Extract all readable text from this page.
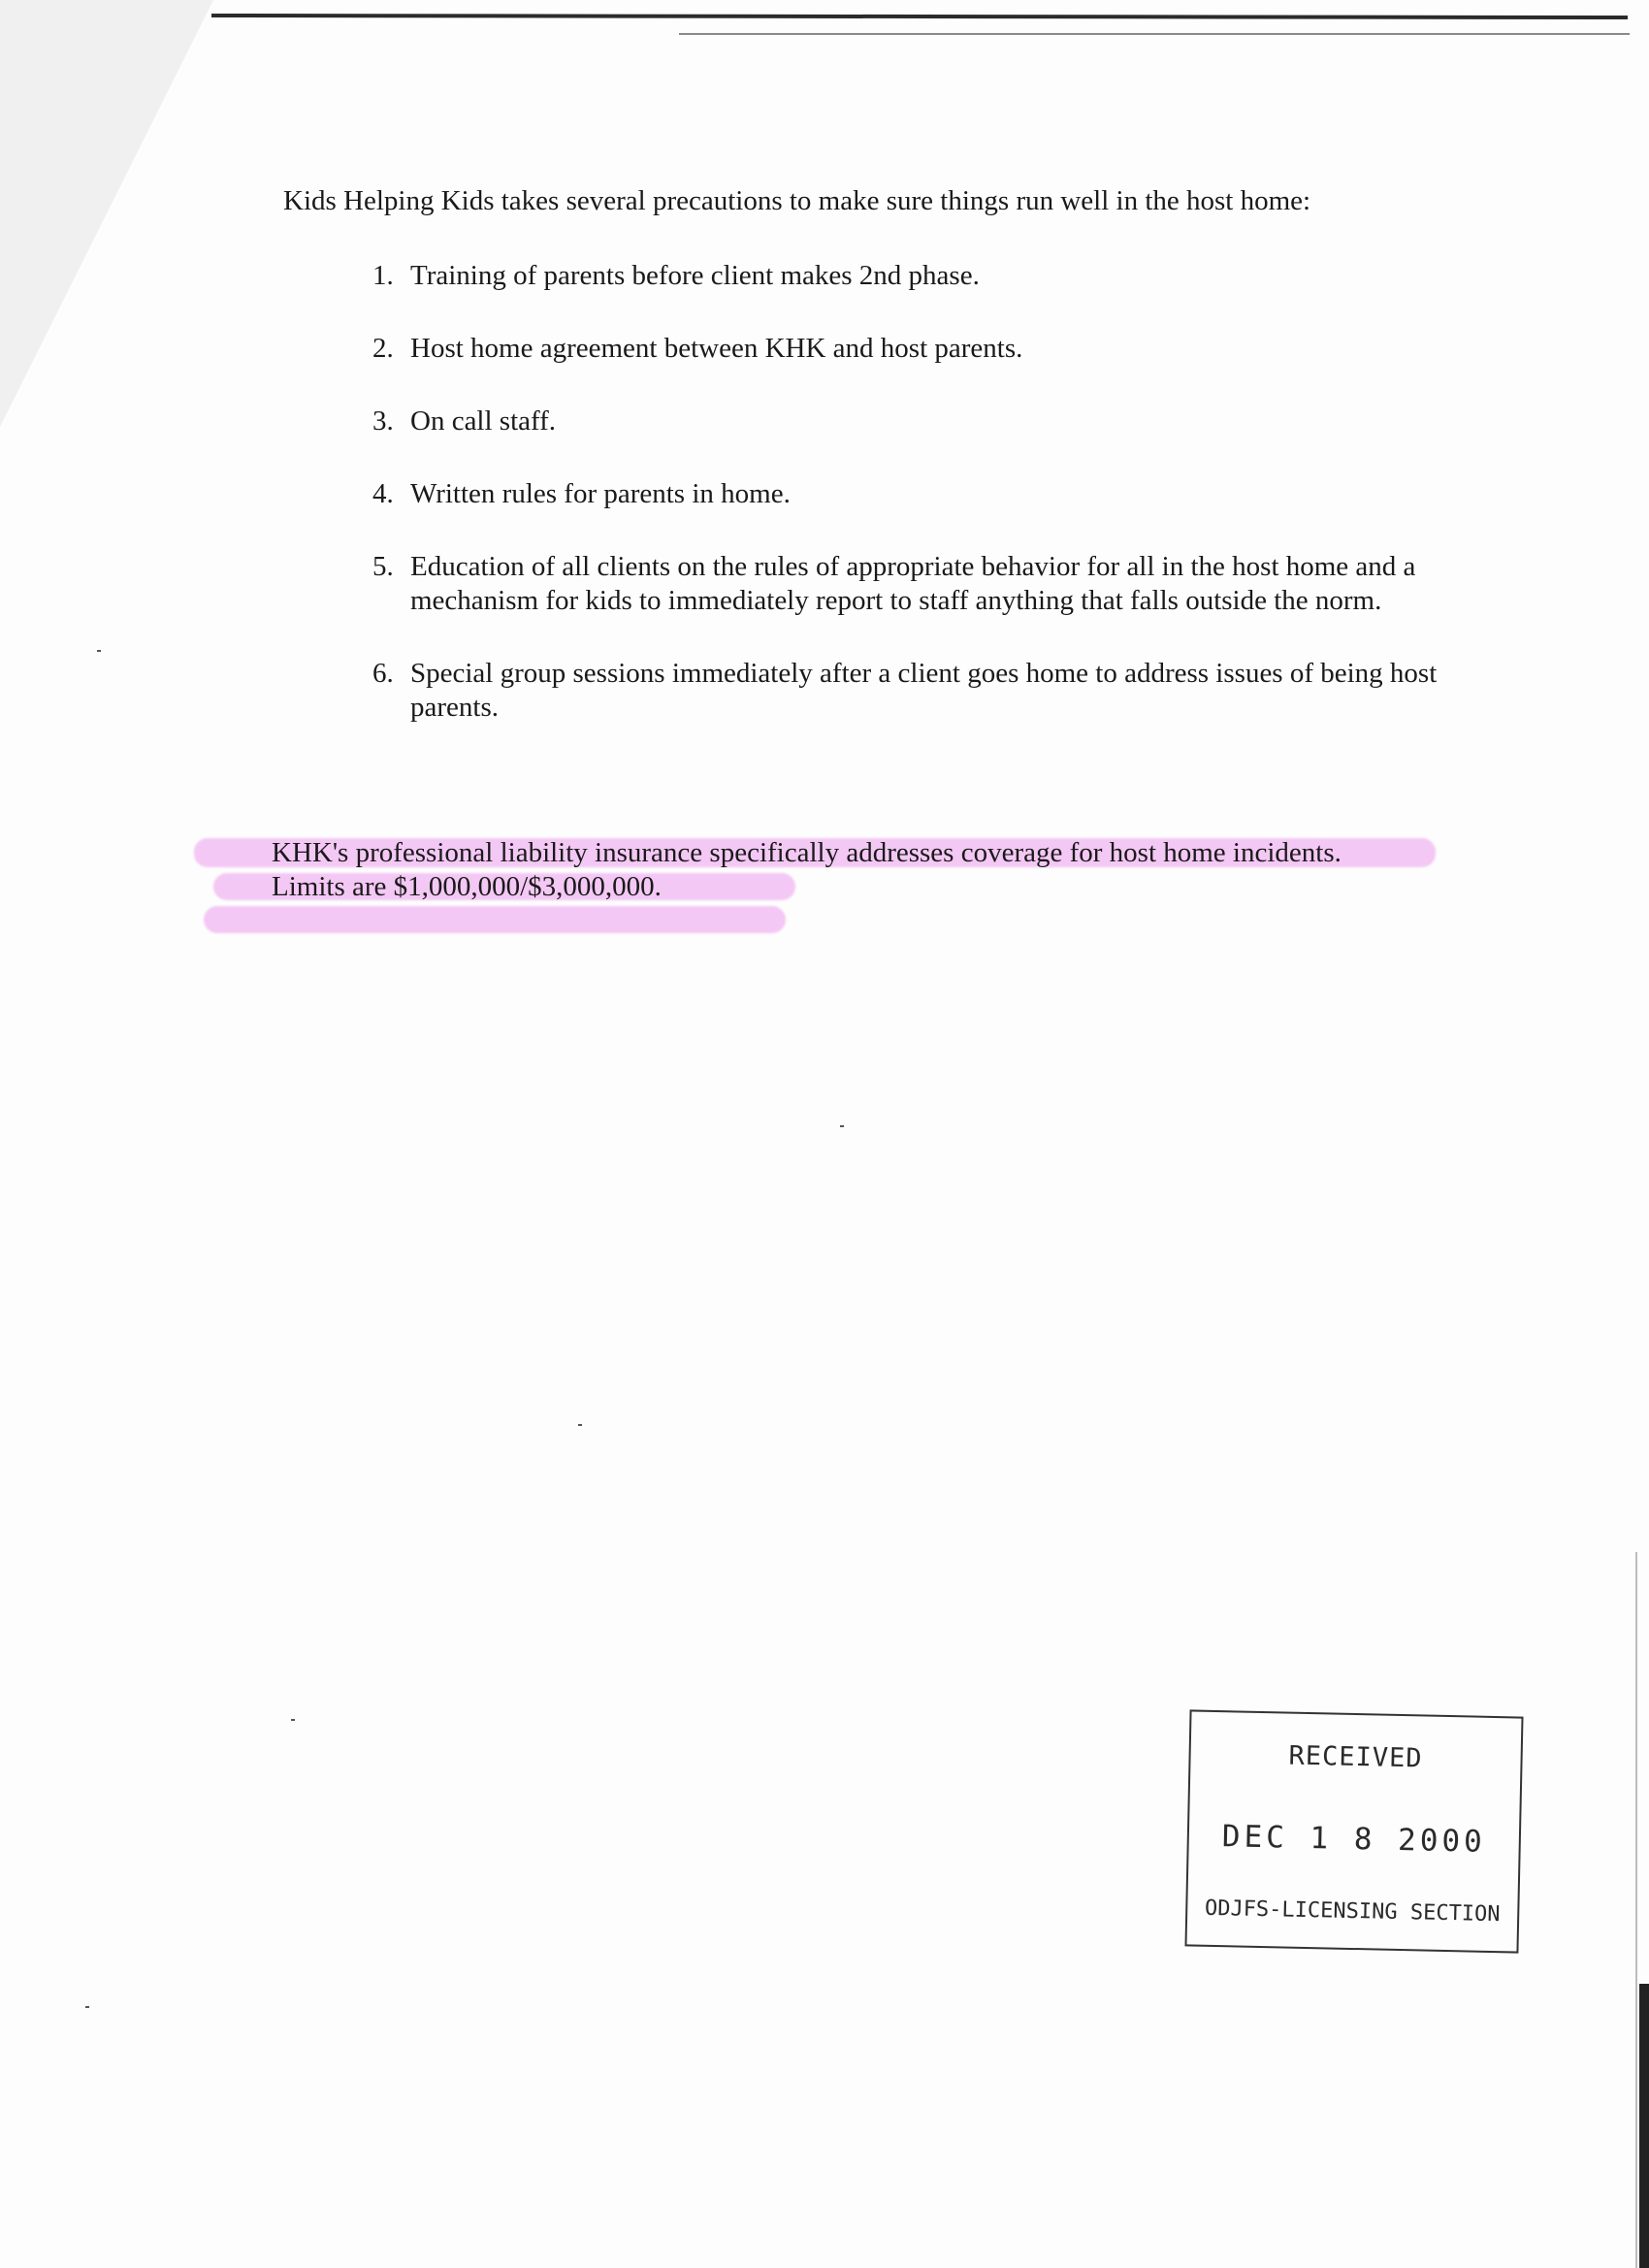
Kids Helping Kids takes several precautions to make sure things run well in the host home:

1. Training of parents before client makes 2nd phase.
2. Host home agreement between KHK and host parents.
3. On call staff.
4. Written rules for parents in home.
5. Education of all clients on the rules of appropriate behavior for all in the host home and a mechanism for kids to immediately report to staff anything that falls outside the norm.
6. Special group sessions immediately after a client goes home to address issues of being host parents.

KHK's professional liability insurance specifically addresses coverage for host home incidents.

Limits are $1,000,000/$3,000,000.

RECEIVED
DEC 1 8 2000
ODJFS-LICENSING SECTION
